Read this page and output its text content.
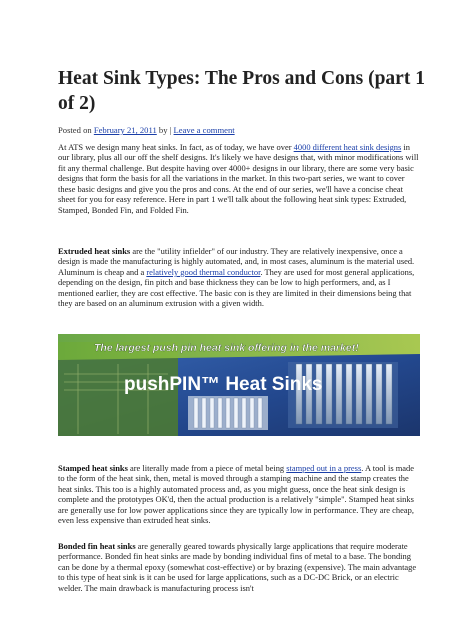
Heat Sink Types: The Pros and Cons (part 1 of 2)
Posted on February 21, 2011 by | Leave a comment

At ATS we design many heat sinks. In fact, as of today, we have over 4000 different heat sink designs in our library, plus all our off the shelf designs. It's likely we have designs that, with minor modifications will fit any thermal challenge. But despite having over 4000+ designs in our library, there are some very basic designs that form the basis for all the variations in the market. In this two-part series, we want to cover these basic designs and give you the pros and cons. At the end of our series, we'll have a concise cheat sheet for you for easy reference. Here in part 1 we'll talk about the following heat sink types: Extruded, Stamped, Bonded Fin, and Folded Fin.

Extruded heat sinks are the "utility infielder" of our industry. They are relatively inexpensive, once a design is made the manufacturing is highly automated, and, in most cases, aluminum is the material used. Aluminum is cheap and a relatively good thermal conductor. They are used for most general applications, depending on the design, fin pitch and base thickness they can be low to high performers, and, as I mentioned earlier, they are cost effective. The basic con is they are limited in their dimensions being that they are based on an aluminum extrusion with a given width.

The largest push pin heat sink offering in the market!
pushPIN™ Heat Sinks

Stamped heat sinks are literally made from a piece of metal being stamped out in a press. A tool is made to the form of the heat sink, then, metal is moved through a stamping machine and the stamp creates the heat sinks. This too is a highly automated process and, as you might guess, once the heat sink design is complete and the prototypes OK'd, then the actual production is a relatively "simple". Stamped heat sinks are generally use for low power applications since they are typically low in performance. They are cheap, even less expensive than extruded heat sinks.

Bonded fin heat sinks are generally geared towards physically large applications that require moderate performance. Bonded fin heat sinks are made by bonding individual fins of metal to a base. The bonding can be done by a thermal epoxy (somewhat cost-effective) or by brazing (expensive). The main advantage to this type of heat sink is it can be used for large applications, such as a DC-DC Brick, or an electric welder. The main drawback is manufacturing process isn't
